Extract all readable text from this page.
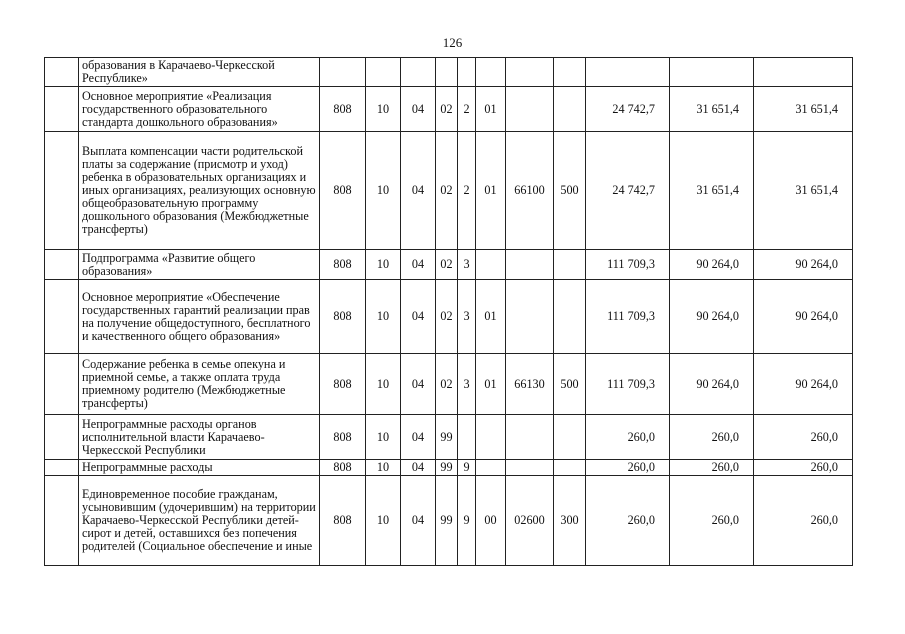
126
	образования в Карачаево-Черкесской Республике»											
	Основное мероприятие «Реализация государственного образовательного стандарта дошкольного образования»	808	10	04	02	2	01			24 742,7	31 651,4	31 651,4
	Выплата компенсации части родительской платы за содержание (присмотр и уход) ребенка в образовательных организациях и иных организациях, реализующих основную общеобразовательную программу дошкольного образования (Межбюджетные трансферты)	808	10	04	02	2	01	66100	500	24 742,7	31 651,4	31 651,4
	Подпрограмма «Развитие общего образования»	808	10	04	02	3				111 709,3	90 264,0	90 264,0
	Основное мероприятие «Обеспечение государственных гарантий реализации прав на получение общедоступного, бесплатного и качественного общего образования»	808	10	04	02	3	01			111 709,3	90 264,0	90 264,0
	Содержание ребенка в семье опекуна и приемной семье, а также оплата труда приемному родителю (Межбюджетные трансферты)	808	10	04	02	3	01	66130	500	111 709,3	90 264,0	90 264,0
	Непрограммные расходы органов исполнительной власти Карачаево-Черкесской Республики	808	10	04	99					260,0	260,0	260,0
	Непрограммные расходы	808	10	04	99	9				260,0	260,0	260,0
	Единовременное пособие гражданам, усыновившим (удочерившим) на территории Карачаево-Черкесской Республики детей-сирот и детей, оставшихся без попечения родителей (Социальное обеспечение и иные	808	10	04	99	9	00	02600	300	260,0	260,0	260,0
